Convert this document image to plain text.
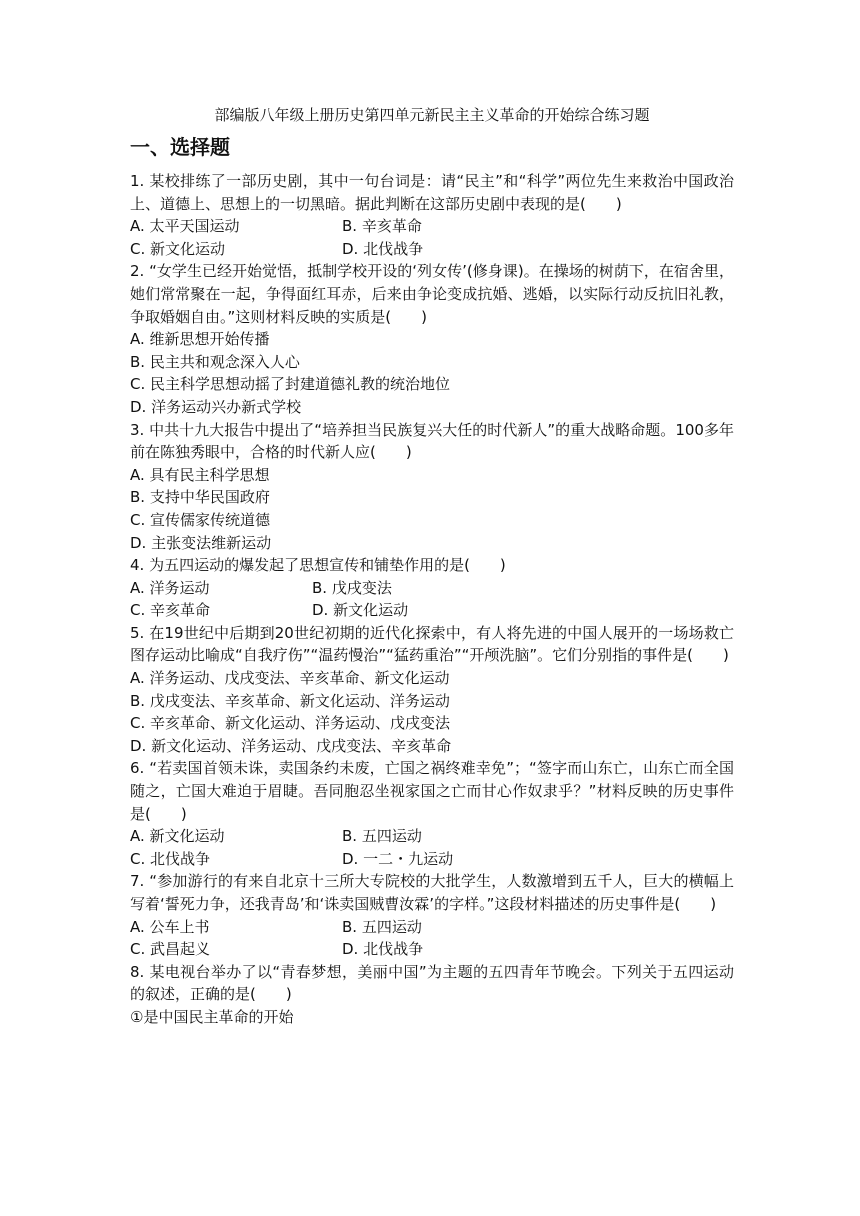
部编版八年级上册历史第四单元新民主主义革命的开始综合练习题

一、选择题

1. 某校排练了一部历史剧，其中一句台词是：请“民主”和“科学”两位先生来救治中国政治上、道德上、思想上的一切黑暗。据此判断在这部历史剧中表现的是(　　)

A. 太平天国运动	B. 辛亥革命
C. 新文化运动	D. 北伐战争

2. “女学生已经开始觉悟，抵制学校开设的‘列女传’(修身课)。在操场的树荫下，在宿舍里，她们常常聚在一起，争得面红耳赤，后来由争论变成抗婚、逃婚，以实际行动反抗旧礼教，争取婚姻自由。”这则材料反映的实质是(　　)

A. 维新思想开始传播

B. 民主共和观念深入人心

C. 民主科学思想动摇了封建道德礼教的统治地位

D. 洋务运动兴办新式学校

3. 中共十九大报告中提出了“培养担当民族复兴大任的时代新人”的重大战略命题。100多年前在陈独秀眼中，合格的时代新人应(　　)

A. 具有民主科学思想

B. 支持中华民国政府

C. 宣传儒家传统道德

D. 主张变法维新运动

4. 为五四运动的爆发起了思想宣传和铺垫作用的是(　　)

A. 洋务运动	B. 戊戌变法
C. 辛亥革命	D. 新文化运动

5. 在19世纪中后期到20世纪初期的近代化探索中，有人将先进的中国人展开的一场场救亡图存运动比喻成“自我疗伤”“温药慢治”“猛药重治”“开颅洗脑”。它们分别指的事件是(　　)

A. 洋务运动、戊戌变法、辛亥革命、新文化运动

B. 戊戌变法、辛亥革命、新文化运动、洋务运动

C. 辛亥革命、新文化运动、洋务运动、戊戌变法

D. 新文化运动、洋务运动、戊戌变法、辛亥革命

6. “若卖国首领未诛，卖国条约未废，亡国之祸终难幸免”；“签字而山东亡，山东亡而全国随之，亡国大难迫于眉睫。吾同胞忍坐视家国之亡而甘心作奴隶乎？”材料反映的历史事件是(　　)

A. 新文化运动	B. 五四运动
C. 北伐战争	D. 一二・九运动

7. “参加游行的有来自北京十三所大专院校的大批学生，人数激增到五千人，巨大的横幅上写着‘誓死力争，还我青岛’和‘诛卖国贼曹汝霖’的字样。”这段材料描述的历史事件是(　　)

A. 公车上书	B. 五四运动
C. 武昌起义	D. 北伐战争

8. 某电视台举办了以“青春梦想，美丽中国”为主题的五四青年节晚会。下列关于五四运动的叙述，正确的是(　　)

①是中国民主革命的开始
